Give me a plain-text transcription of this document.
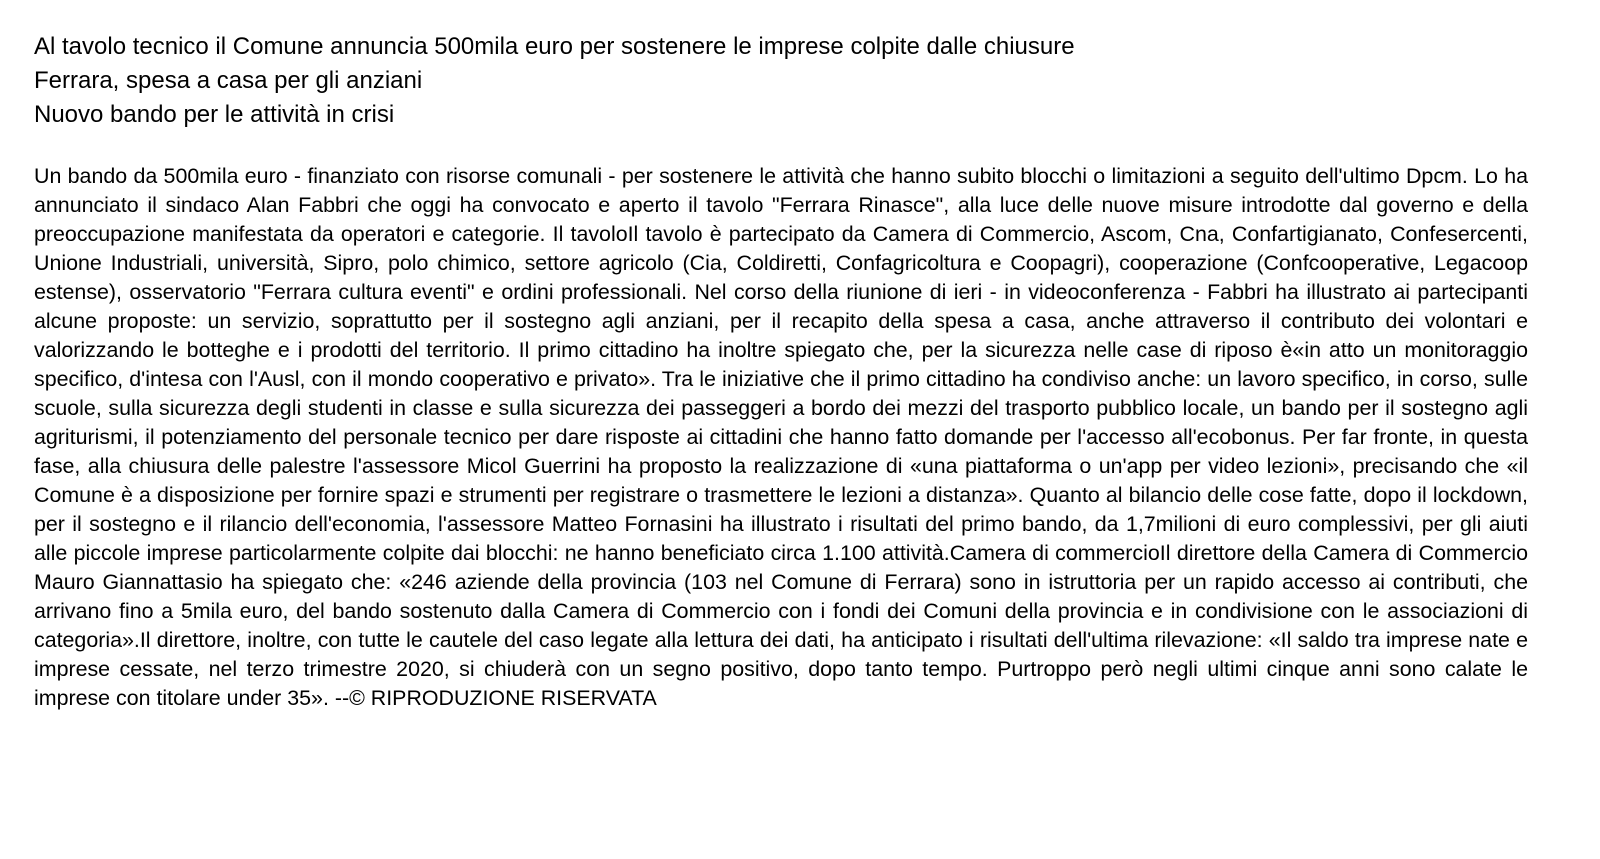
Al tavolo tecnico il Comune annuncia 500mila euro per sostenere le imprese colpite dalle chiusure
Ferrara, spesa a casa per gli anziani
Nuovo bando per le attività in crisi

Un bando da 500mila euro - finanziato con risorse comunali - per sostenere le attività che hanno subito blocchi o limitazioni a seguito dell'ultimo Dpcm. Lo ha annunciato il sindaco Alan Fabbri che oggi ha convocato e aperto il tavolo "Ferrara Rinasce", alla luce delle nuove misure introdotte dal governo e della preoccupazione manifestata da operatori e categorie. Il tavoloIl tavolo è partecipato da Camera di Commercio, Ascom, Cna, Confartigianato, Confesercenti, Unione Industriali, università, Sipro, polo chimico, settore agricolo (Cia, Coldiretti, Confagricoltura e Coopagri), cooperazione (Confcooperative, Legacoop estense), osservatorio "Ferrara cultura eventi" e ordini professionali. Nel corso della riunione di ieri - in videoconferenza - Fabbri ha illustrato ai partecipanti alcune proposte: un servizio, soprattutto per il sostegno agli anziani, per il recapito della spesa a casa, anche attraverso il contributo dei volontari e valorizzando le botteghe e i prodotti del territorio. Il primo cittadino ha inoltre spiegato che, per la sicurezza nelle case di riposo è«in atto un monitoraggio specifico, d'intesa con l'Ausl, con il mondo cooperativo e privato». Tra le iniziative che il primo cittadino ha condiviso anche: un lavoro specifico, in corso, sulle scuole, sulla sicurezza degli studenti in classe e sulla sicurezza dei passeggeri a bordo dei mezzi del trasporto pubblico locale, un bando per il sostegno agli agriturismi, il potenziamento del personale tecnico per dare risposte ai cittadini che hanno fatto domande per l'accesso all'ecobonus. Per far fronte, in questa fase, alla chiusura delle palestre l'assessore Micol Guerrini ha proposto la realizzazione di «una piattaforma o un'app per video lezioni», precisando che «il Comune è a disposizione per fornire spazi e strumenti per registrare o trasmettere le lezioni a distanza». Quanto al bilancio delle cose fatte, dopo il lockdown, per il sostegno e il rilancio dell'economia, l'assessore Matteo Fornasini ha illustrato i risultati del primo bando, da 1,7milioni di euro complessivi, per gli aiuti alle piccole imprese particolarmente colpite dai blocchi: ne hanno beneficiato circa 1.100 attività.Camera di commercioIl direttore della Camera di Commercio Mauro Giannattasio ha spiegato che: «246 aziende della provincia (103 nel Comune di Ferrara) sono in istruttoria per un rapido accesso ai contributi, che arrivano fino a 5mila euro, del bando sostenuto dalla Camera di Commercio con i fondi dei Comuni della provincia e in condivisione con le associazioni di categoria».Il direttore, inoltre, con tutte le cautele del caso legate alla lettura dei dati, ha anticipato i risultati dell'ultima rilevazione: «Il saldo tra imprese nate e imprese cessate, nel terzo trimestre 2020, si chiuderà con un segno positivo, dopo tanto tempo. Purtroppo però negli ultimi cinque anni sono calate le imprese con titolare under 35». --© RIPRODUZIONE RISERVATA
